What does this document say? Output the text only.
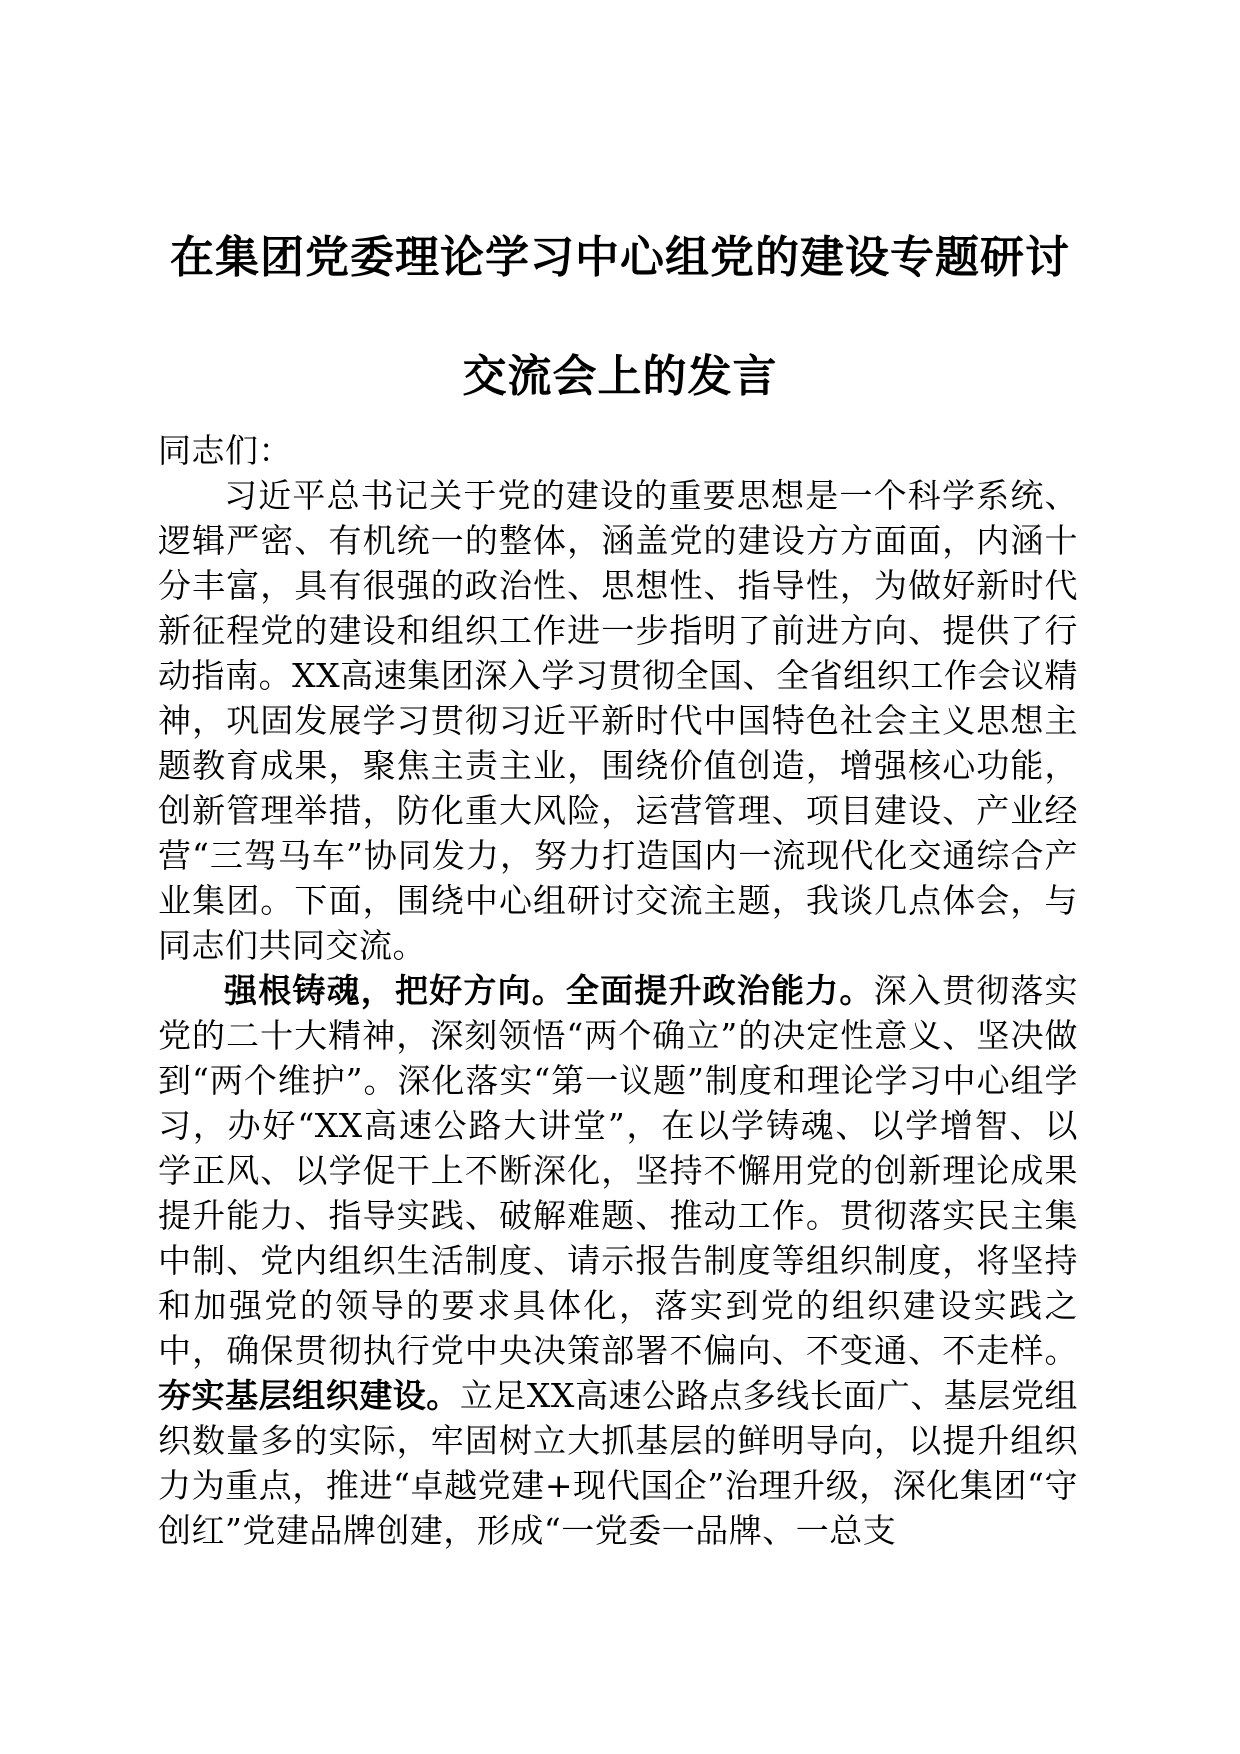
在集团党委理论学习中心组党的建设专题研讨
交流会上的发言

同志们：

习近平总书记关于党的建设的重要思想是一个科学系统、逻辑严密、有机统一的整体，涵盖党的建设方方面面，内涵十分丰富，具有很强的政治性、思想性、指导性，为做好新时代新征程党的建设和组织工作进一步指明了前进方向、提供了行动指南。XX高速集团深入学习贯彻全国、全省组织工作会议精神，巩固发展学习贯彻习近平新时代中国特色社会主义思想主题教育成果，聚焦主责主业，围绕价值创造，增强核心功能，创新管理举措，防化重大风险，运营管理、项目建设、产业经营“三驾马车”协同发力，努力打造国内一流现代化交通综合产业集团。下面，围绕中心组研讨交流主题，我谈几点体会，与同志们共同交流。

强根铸魂，把好方向。全面提升政治能力。深入贯彻落实党的二十大精神，深刻领悟“两个确立”的决定性意义、坚决做到“两个维护”。深化落实“第一议题”制度和理论学习中心组学习，办好“XX高速公路大讲堂”，在以学铸魂、以学增智、以学正风、以学促干上不断深化，坚持不懈用党的创新理论成果提升能力、指导实践、破解难题、推动工作。贯彻落实民主集中制、党内组织生活制度、请示报告制度等组织制度，将坚持和加强党的领导的要求具体化，落实到党的组织建设实践之中，确保贯彻执行党中央决策部署不偏向、不变通、不走样。夯实基层组织建设。立足XX高速公路点多线长面广、基层党组织数量多的实际，牢固树立大抓基层的鲜明导向，以提升组织力为重点，推进“卓越党建+现代国企”治理升级，深化集团“守创红”党建品牌创建，形成“一党委一品牌、一总支
